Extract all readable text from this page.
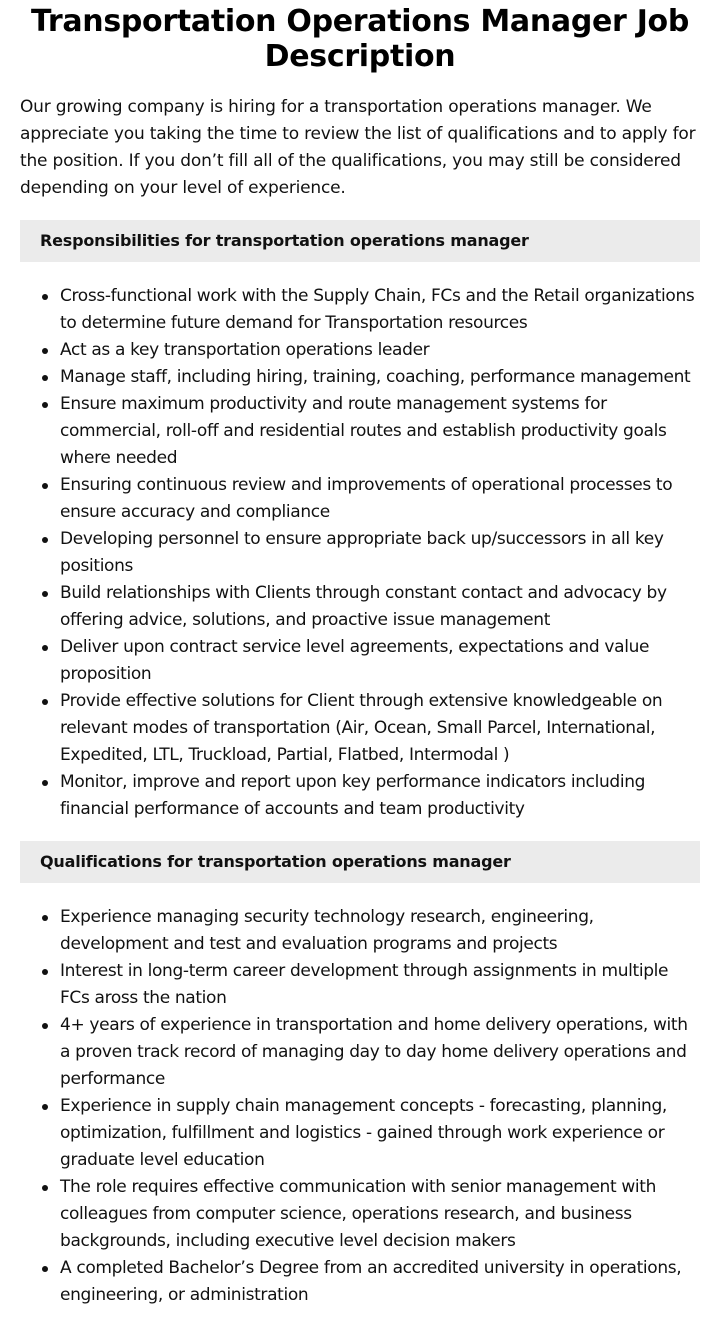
Transportation Operations Manager Job Description

Our growing company is hiring for a transportation operations manager. We appreciate you taking the time to review the list of qualifications and to apply for the position. If you don’t fill all of the qualifications, you may still be considered depending on your level of experience.

Responsibilities for transportation operations manager
Cross-functional work with the Supply Chain, FCs and the Retail organizations to determine future demand for Transportation resources
Act as a key transportation operations leader
Manage staff, including hiring, training, coaching, performance management
Ensure maximum productivity and route management systems for commercial, roll-off and residential routes and establish productivity goals where needed
Ensuring continuous review and improvements of operational processes to ensure accuracy and compliance
Developing personnel to ensure appropriate back up/successors in all key positions
Build relationships with Clients through constant contact and advocacy by offering advice, solutions, and proactive issue management
Deliver upon contract service level agreements, expectations and value proposition
Provide effective solutions for Client through extensive knowledgeable on relevant modes of transportation (Air, Ocean, Small Parcel, International, Expedited, LTL, Truckload, Partial, Flatbed, Intermodal )
Monitor, improve and report upon key performance indicators including financial performance of accounts and team productivity
Qualifications for transportation operations manager
Experience managing security technology research, engineering, development and test and evaluation programs and projects
Interest in long-term career development through assignments in multiple FCs aross the nation
4+ years of experience in transportation and home delivery operations, with a proven track record of managing day to day home delivery operations and performance
Experience in supply chain management concepts - forecasting, planning, optimization, fulfillment and logistics - gained through work experience or graduate level education
The role requires effective communication with senior management with colleagues from computer science, operations research, and business backgrounds, including executive level decision makers
A completed Bachelor’s Degree from an accredited university in operations, engineering, or administration
